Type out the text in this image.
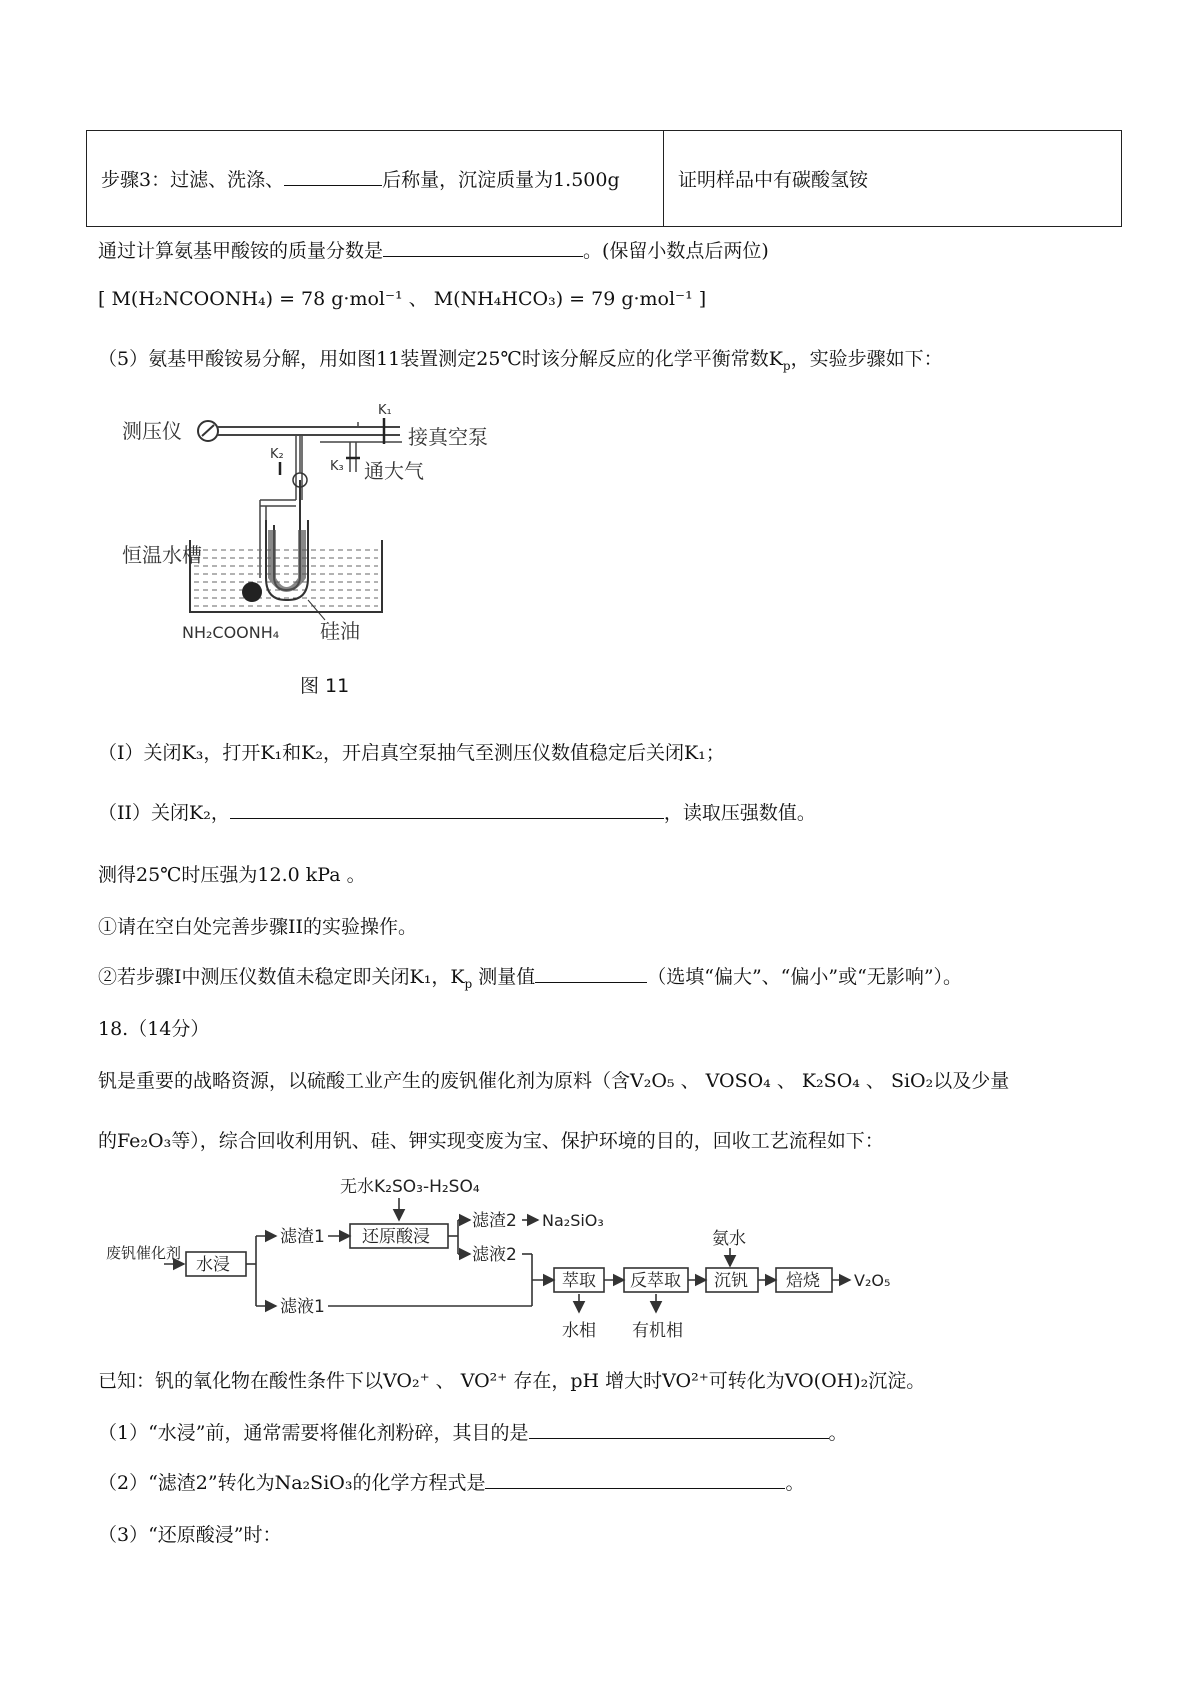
步骤3：过滤、洗涤、	后称量，沉淀质量为1.500g	证明样品中有碳酸氢铵
通过计算氨基甲酸铵的质量分数是	。(保留小数点后两位)
[ M(H₂NCOONH₄) = 78 g·mol⁻¹ 、 M(NH₄HCO₃) = 79 g·mol⁻¹ ]
（5）氨基甲酸铵易分解，用如图11装置测定25℃时该分解反应的化学平衡常数$K_p$，实验步骤如下：
测压仪
K₁
接真空泵
K₃ 通大气
K₂
恒温水槽
NH₂COONH₄ 硅油
图 11
（I）关闭K₃，打开K₁和K₂，开启真空泵抽气至测压仪数值稳定后关闭K₁；
（II）关闭K₂，	，读取压强数值。
测得25℃时压强为12.0 kPa 。
①请在空白处完善步骤II的实验操作。
②若步骤I中测压仪数值未稳定即关闭K₁，$K_p$ 测量值	（选填“偏大”、“偏小”或“无影响”）。
18.（14分）
钒是重要的战略资源，以硫酸工业产生的废钒催化剂为原料（含V₂O₅ 、 VOSO₄ 、 K₂SO₄ 、 SiO₂以及少量
的Fe₂O₃等），综合回收利用钒、硅、钾实现变废为宝、保护环境的目的，回收工艺流程如下：
无水K₂SO₃-H₂SO₄
废钒催化剂
水浸
滤渣1 还原酸浸
滤渣2 Na₂SiO₃
滤液2
滤液1
萃取 反萃取
氨水
沉钒 焙烧 V₂O₅
水相 有机相
已知：钒的氧化物在酸性条件下以VO₂⁺ 、 VO²⁺ 存在，pH 增大时VO²⁺可转化为VO(OH)₂沉淀。
（1）“水浸”前，通常需要将催化剂粉碎，其目的是	。
（2）“滤渣2”转化为Na₂SiO₃的化学方程式是	。
（3）“还原酸浸”时：
